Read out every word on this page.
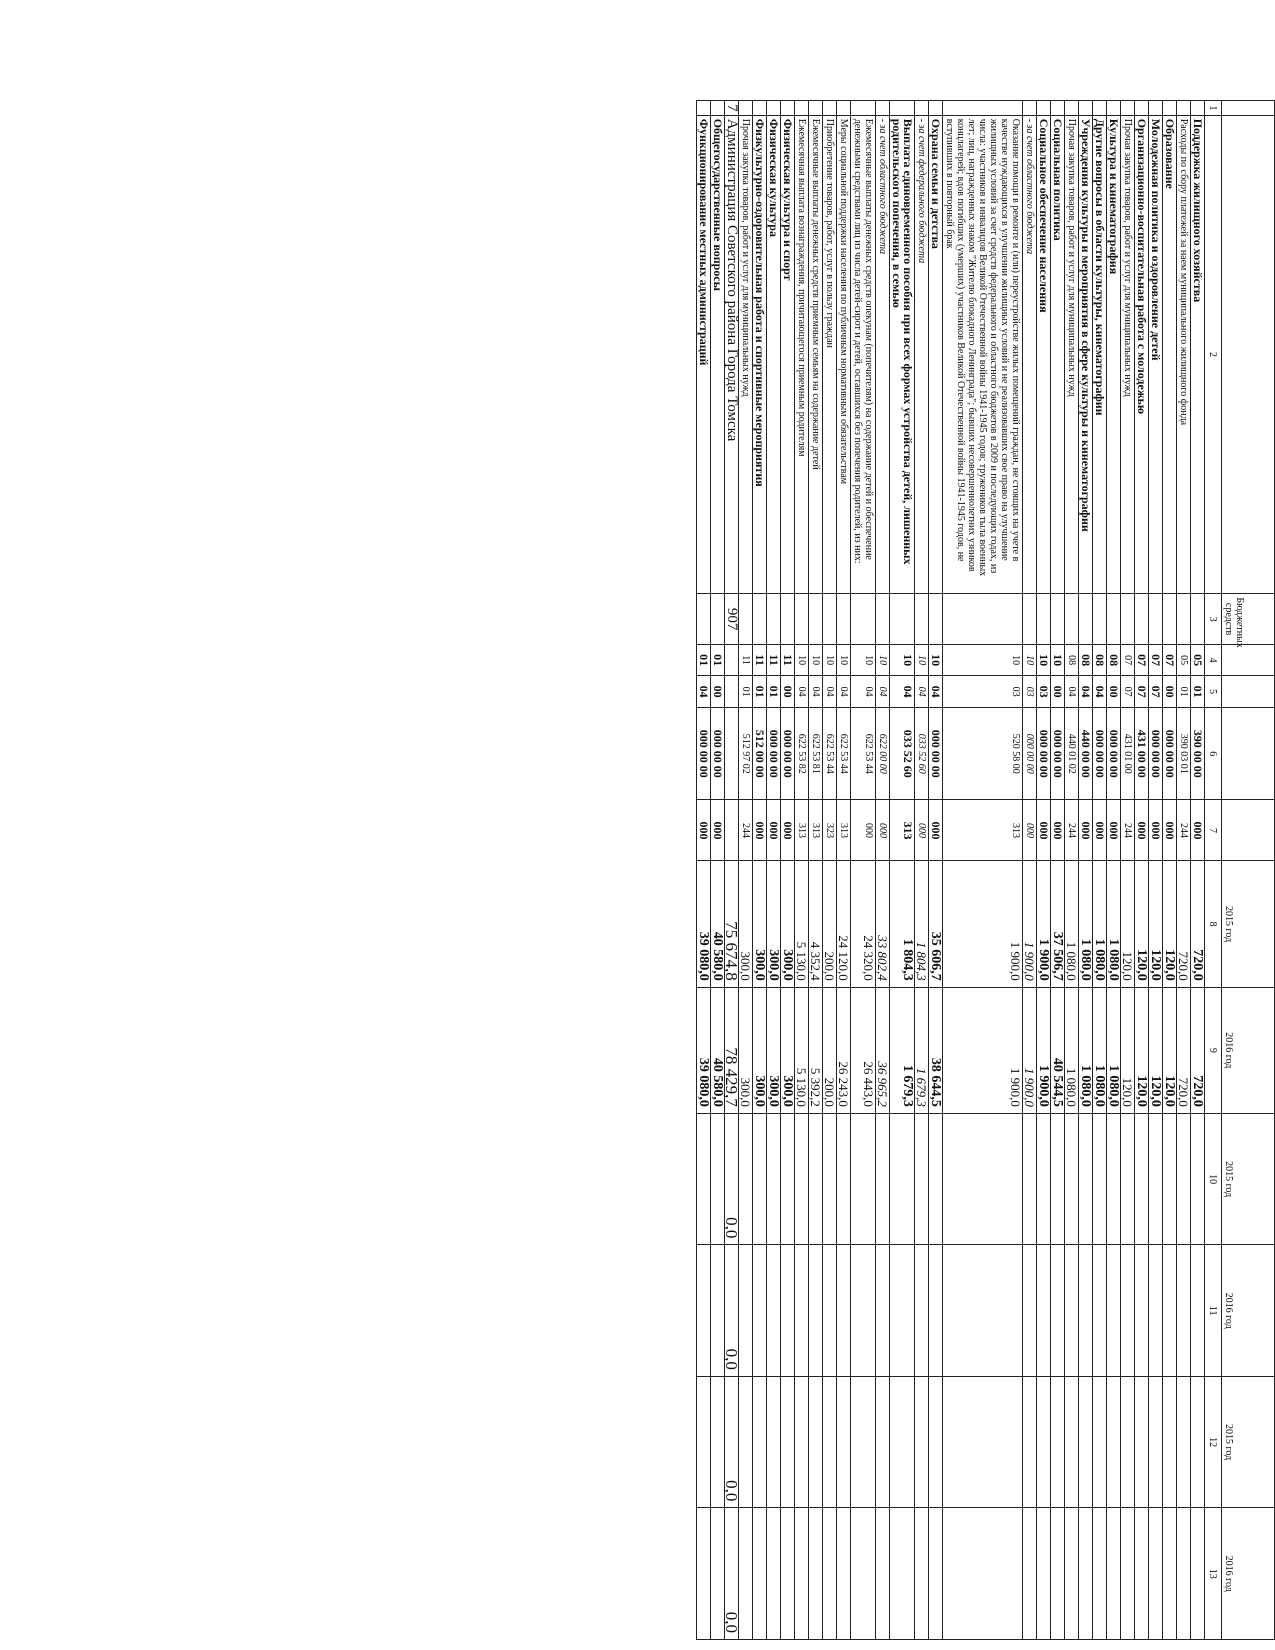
		Бюджетных средств					2015 год	2016 год	2015 год	2016 год	2015 год	2016 год
1	2	3	4	5	6	7	8	9	10	11	12	13
	Поддержка жилищного хозяйства		05	01	390 00 00	000	720,0	720,0				
	Расходы по сбору платежей за наем муниципального жилищного фонда		05	01	390 03 01	244	720,0	720,0				
	Образование		07	00	000 00 00	000	120,0	120,0				
	Молодежная политика и оздоровление детей		07	07	000 00 00	000	120,0	120,0				
	Организационно-воспитательная работа с молодежью		07	07	431 00 00	000	120,0	120,0				
	Прочая закупка товаров, работ и услуг для муниципальных нужд		07	07	431 01 00	244	120,0	120,0				
	Культура и кинематография		08	00	000 00 00	000	1 080,0	1 080,0				
	Другие вопросы в области культуры, кинематографии		08	04	000 00 00	000	1 080,0	1 080,0				
	Учреждения культуры и мероприятия в сфере культуры и кинематографии		08	04	440 00 00	000	1 080,0	1 080,0				
	Прочая закупка товаров, работ и услуг для муниципальных нужд		08	04	440 01 02	244	1 080,0	1 080,0				
	Социальная политика		10	00	000 00 00	000	37 506,7	40 544,5				
	Социальное обеспечение населения		10	03	000 00 00	000	1 900,0	1 900,0				
	- за счет областного бюджета		10	03	000 00 00	000	1 900,0	1 900,0				
	Оказание помощи в ремонте и (или) переустройстве жилых помещений граждан, не стоящих на учете в качестве нуждающихся в улучшении жилищных условий и не реализовавших свое право на улучшение жилищных условий за счет средств федерального и областного бюджетов в 2009 и последующих годах, из числа: участников и инвалидов Великой Отечественной войны 1941-1945 годов; тружеников тыла военных лет; лиц, награжденных знаком "Жителю блокадного Ленинграда"; бывших несовершеннолетних узников концлагерей; вдов погибших (умерших) участников Великой Отечественной войны 1941-1945 годов, не вступивших в повторный брак		10	03	520 58 00	313	1 900,0	1 900,0				
	Охрана семьи и детства		10	04	000 00 00	000	35 606,7	38 644,5				
	- за счет федерального бюджета		10	04	033 52 60	000	1 804,3	1 679,3				
	Выплата единовременного пособия при всех формах устройства детей, лишенных родительского попечения, в семью		10	04	033 52 60	313	1 804,3	1 679,3				
	- за счет областного бюджета		10	04	622 00 00	000	33 802,4	36 965,2				
	Ежемесячные выплаты денежных средств опекунам (попечителям) на содержание детей и обеспечение денежными средствами лиц из числа детей-сирот и детей, оставшихся без попечения родителей, из них:		10	04	622 53 44	000	24 320,0	26 443,0				
	Меры социальной поддержки населения по публичным нормативным обязательствам		10	04	622 53 44	313	24 120,0	26 243,0				
	Приобретение товаров, работ, услуг в пользу граждан		10	04	622 53 44	323	200,0	200,0				
	Ежемесячные выплаты денежных средств приемным семьям на содержание детей		10	04	622 53 81	313	4 352,4	5 392,2				
	Ежемесячная выплата вознаграждения, причитающегося приемным родителям		10	04	622 53 82	313	5 130,0	5 130,0				
	Физическая культура и спорт		11	00	000 00 00	000	300,0	300,0				
	Физическая культура		11	01	000 00 00	000	300,0	300,0				
	Физкультурно-оздоровительная работа и спортивные мероприятия		11	01	512 00 00	000	300,0	300,0				
	Прочая закупка товаров, работ и услуг для муниципальных нужд		11	01	512 97 02	244	300,0	300,0				
7	Администрация Советского района Города Томска	907					75 674,8	78 429,7	0,0	0,0	0,0	0,0
	Общегосударственные вопросы		01	00	000 00 00	000	40 580,0	40 580,0				
	Функционирование местных администраций		01	04	000 00 00	000	39 080,0	39 080,0				
